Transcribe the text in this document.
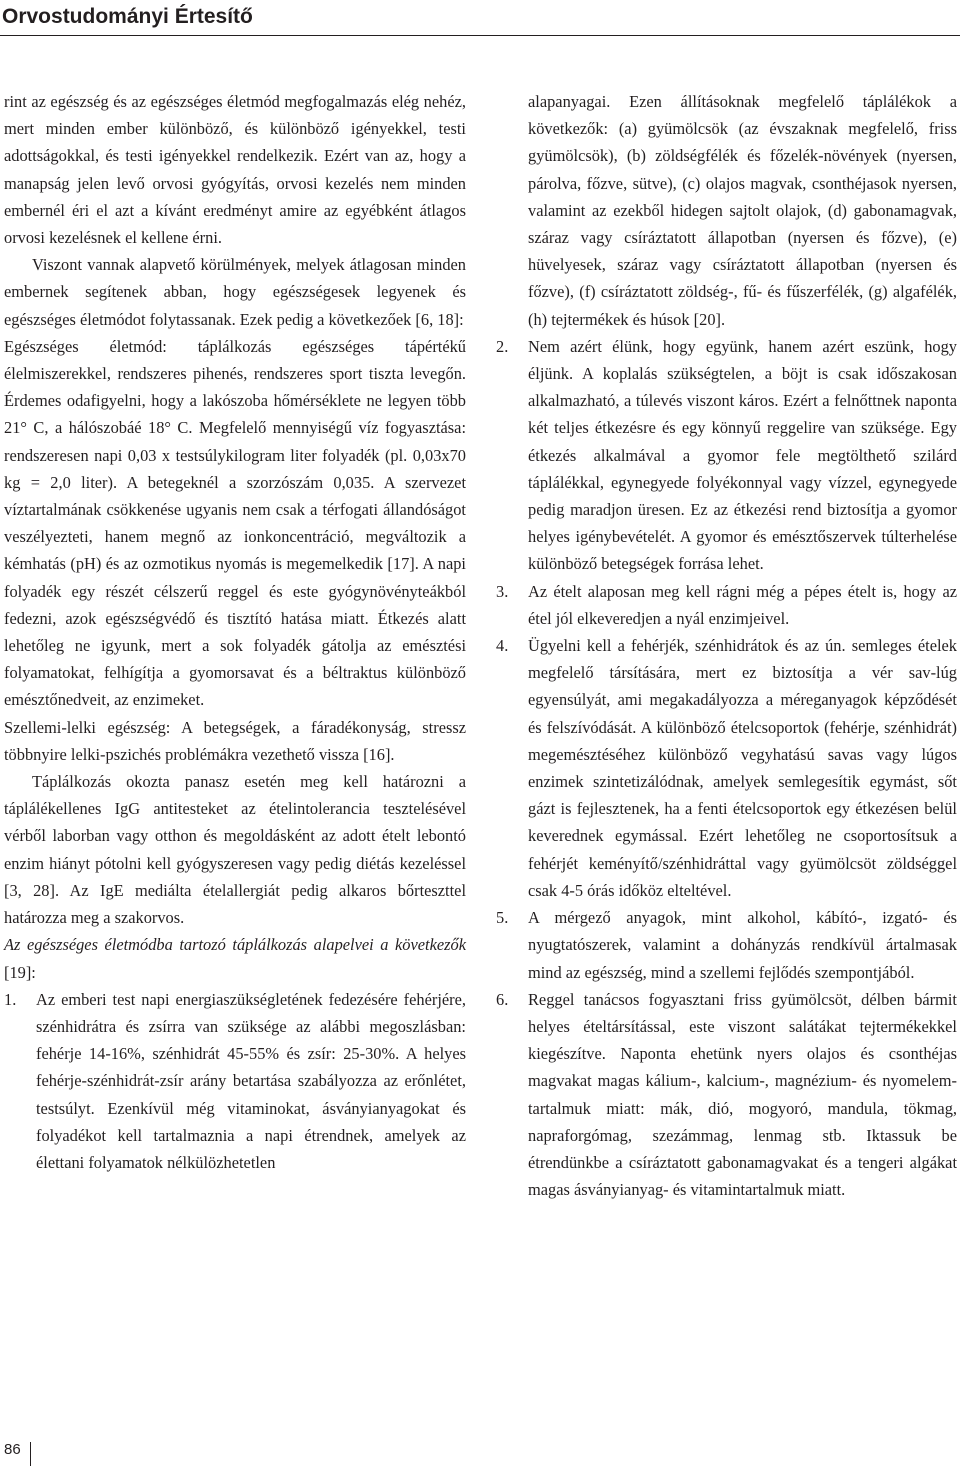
Orvostudományi Értesítő

rint az egészség és az egészséges életmód megfogalmazás elég nehéz, mert minden ember különböző, és különböző igényekkel, testi adottságokkal, és testi igényekkel rendelkezik. Ezért van az, hogy a manapság jelen levő orvosi gyógyítás, orvosi kezelés nem minden embernél éri el azt a kívánt eredményt amire az egyébként átlagos orvosi kezelésnek el kellene érni.

Viszont vannak alapvető körülmények, melyek átlagosan minden embernek segítenek abban, hogy egészségesek legyenek és egészséges életmódot folytassanak. Ezek pedig a következőek [6, 18]:

Egészséges életmód: táplálkozás egészséges tápértékű élelmiszerekkel, rendszeres pihenés, rendszeres sport tiszta levegőn. Érdemes odafigyelni, hogy a lakószoba hőmérséklete ne legyen több 21° C, a hálószobáé 18° C. Megfelelő mennyiségű víz fogyasztása: rendszeresen napi 0,03 x testsúlykilogram liter folyadék (pl. 0,03x70 kg = 2,0 liter). A betegeknél a szorzószám 0,035. A szervezet víztartalmának csökkenése ugyanis nem csak a térfogati állandóságot veszélyezteti, hanem megnő az ionkoncentráció, megváltozik a kémhatás (pH) és az ozmotikus nyomás is megemelkedik [17]. A napi folyadék egy részét célszerű reggel és este gyógynövényteákból fedezni, azok egészségvédő és tisztító hatása miatt. Étkezés alatt lehetőleg ne igyunk, mert a sok folyadék gátolja az emésztési folyamatokat, felhígítja a gyomorsavat és a béltraktus különböző emésztőnedveit, az enzimeket.

Szellemi-lelki egészség: A betegségek, a fáradékonyság, stressz többnyire lelki-pszichés problémákra vezethető vissza [16].

Táplálkozás okozta panasz esetén meg kell határozni a táplálékellenes IgG antitesteket az ételintolerancia tesztelésével vérből laborban vagy otthon és megoldásként az adott ételt lebontó enzim hiányt pótolni kell gyógyszeresen vagy pedig diétás kezeléssel [3, 28]. Az IgE mediálta ételallergiát pedig alkaros bőrteszttel határozza meg a szakorvos.

Az egészséges életmódba tartozó táplálkozás alapelvei a következők [19]:

1. Az emberi test napi energiaszükségletének fedezésére fehérjére, szénhidrátra és zsírra van szüksége az alábbi megoszlásban: fehérje 14-16%, szénhidrát 45-55% és zsír: 25-30%. A helyes fehérje-szénhidrát-zsír arány betartása szabályozza az erőnlétet, testsúlyt. Ezenkívül még vitaminokat, ásványianyagokat és folyadékot kell tartalmaznia a napi étrendnek, amelyek az élettani folyamatok nélkülözhetetlen
alapanyagai. Ezen állításoknak megfelelő táplálékok a következők: (a) gyümölcsök (az évszaknak megfelelő, friss gyümölcsök), (b) zöldségfélék és főzelék-növények (nyersen, párolva, főzve, sütve), (c) olajos magvak, csonthéjasok nyersen, valamint az ezekből hidegen sajtolt olajok, (d) gabonamagvak, száraz vagy csíráztatott állapotban (nyersen és főzve), (e) hüvelyesek, száraz vagy csíráztatott állapotban (nyersen és főzve), (f) csíráztatott zöldség-, fű- és fűszerfélék, (g) algafélék, (h) tejtermékek és húsok [20].
2. Nem azért élünk, hogy együnk, hanem azért eszünk, hogy éljünk. A koplalás szükségtelen, a böjt is csak időszakosan alkalmazható, a túlevés viszont káros. Ezért a felnőttnek naponta két teljes étkezésre és egy könnyű reggelire van szüksége. Egy étkezés alkalmával a gyomor fele megtölthető szilárd táplálékkal, egynegyede folyékonnyal vagy vízzel, egynegyede pedig maradjon üresen. Ez az étkezési rend biztosítja a gyomor helyes igénybevételét. A gyomor és emésztőszervek túlterhelése különböző betegségek forrása lehet.
3. Az ételt alaposan meg kell rágni még a pépes ételt is, hogy az étel jól elkeveredjen a nyál enzimjeivel.
4. Ügyelni kell a fehérjék, szénhidrátok és az ún. semleges ételek megfelelő társítására, mert ez biztosítja a vér sav-lúg egyensúlyát, ami megakadályozza a méreganyagok képződését és felszívódását. A különböző ételcsoportok (fehérje, szénhidrát) megemésztéséhez különböző vegyhatású savas vagy lúgos enzimek szintetizálódnak, amelyek semlegesítik egymást, sőt gázt is fejlesztenek, ha a fenti ételcsoportok egy étkezésen belül keverednek egymással. Ezért lehetőleg ne csoportosítsuk a fehérjét keményítő/szénhidráttal vagy gyümölcsöt zöldséggel csak 4-5 órás időköz elteltével.
5. A mérgező anyagok, mint alkohol, kábító-, izgató- és nyugtatószerek, valamint a dohányzás rendkívül ártalmasak mind az egészség, mind a szellemi fejlődés szempontjából.
6. Reggel tanácsos fogyasztani friss gyümölcsöt, délben bármit helyes ételtársítással, este viszont salátákat tejtermékekkel kiegészítve. Naponta ehetünk nyers olajos és csonthéjas magvakat magas kálium-, kalcium-, magnézium- és nyomelem-tartalmuk miatt: mák, dió, mogyoró, mandula, tökmag, napraforgómag, szezámmag, lenmag stb. Iktassuk be étrendünkbe a csíráztatott gabonamagvakat és a tengeri algákat magas ásványianyag- és vitamintartalmuk miatt.
86
